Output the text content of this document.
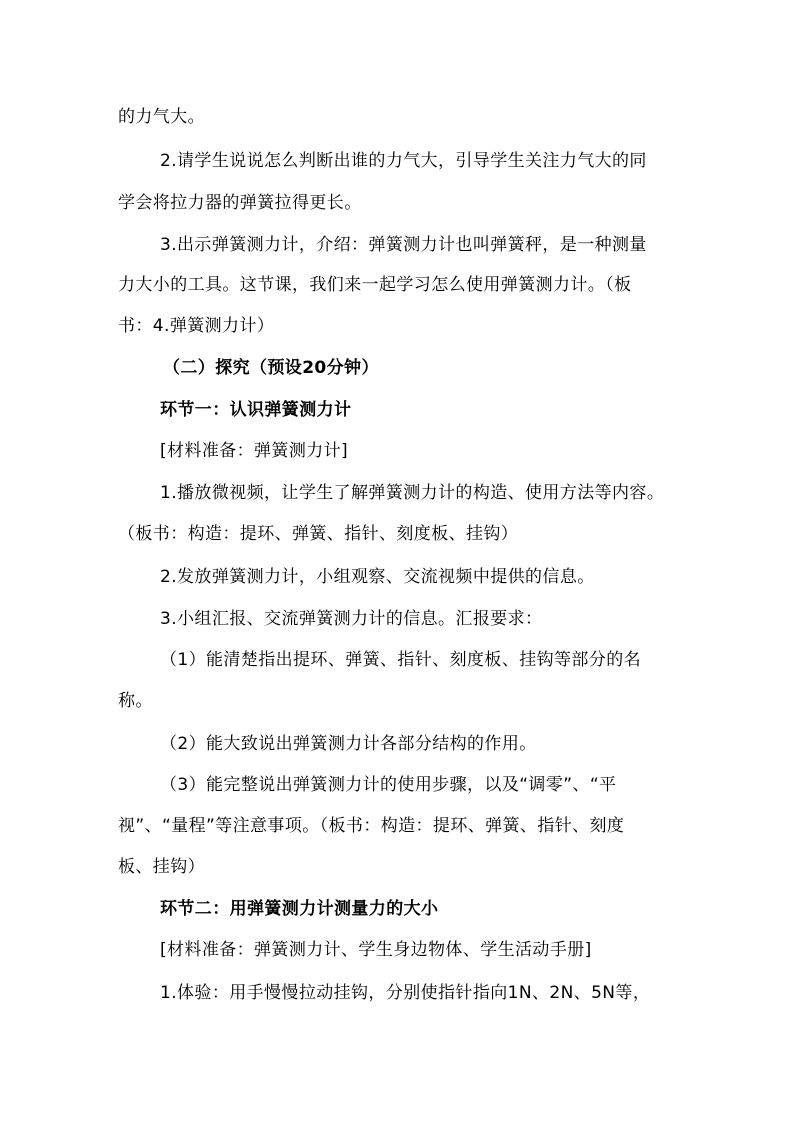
的力气大。
2.请学生说说怎么判断出谁的力气大，引导学生关注力气大的同
学会将拉力器的弹簧拉得更长。
3.出示弹簧测力计，介绍：弹簧测力计也叫弹簧秤，是一种测量
力大小的工具。这节课，我们来一起学习怎么使用弹簧测力计。（板
书：4.弹簧测力计）
（二）探究（预设20分钟）
环节一：认识弹簧测力计
[材料准备：弹簧测力计]
1.播放微视频，让学生了解弹簧测力计的构造、使用方法等内容。
（板书：构造：提环、弹簧、指针、刻度板、挂钩）
2.发放弹簧测力计，小组观察、交流视频中提供的信息。
3.小组汇报、交流弹簧测力计的信息。汇报要求：
（1）能清楚指出提环、弹簧、指针、刻度板、挂钩等部分的名
称。
（2）能大致说出弹簧测力计各部分结构的作用。
（3）能完整说出弹簧测力计的使用步骤，以及“调零”、“平
视”、“量程”等注意事项。（板书：构造：提环、弹簧、指针、刻度
板、挂钩）
环节二：用弹簧测力计测量力的大小
[材料准备：弹簧测力计、学生身边物体、学生活动手册]
1.体验：用手慢慢拉动挂钩，分别使指针指向1N、2N、5N等，
